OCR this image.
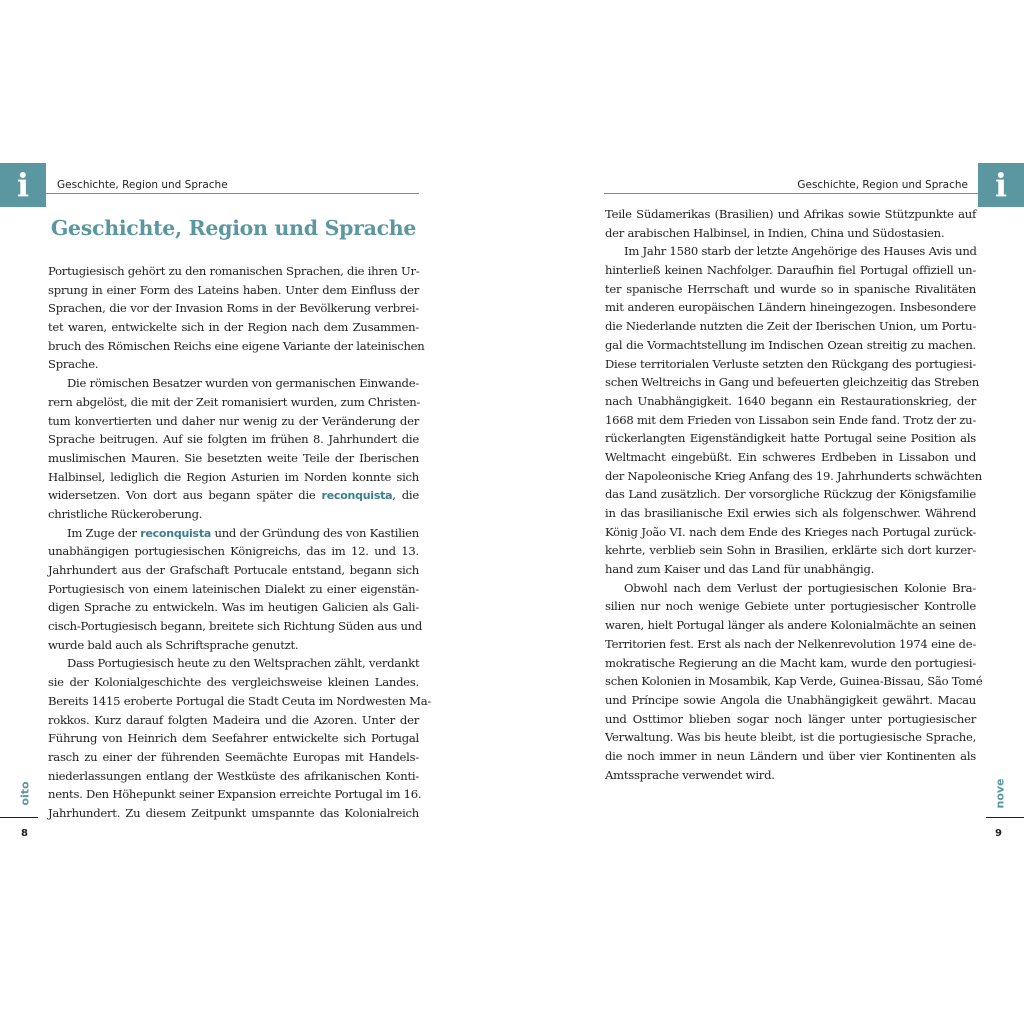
i	Geschichte, Region und Sprache
Geschichte, Region und Sprache
Portugiesisch gehört zu den romanischen Sprachen, die ihren Ur-
sprung in einer Form des Lateins haben. Unter dem Einfluss der
Sprachen, die vor der Invasion Roms in der Bevölkerung verbrei-
tet waren, entwickelte sich in der Region nach dem Zusammen-
bruch des Römischen Reichs eine eigene Variante der lateinischen
Sprache.
Die römischen Besatzer wurden von germanischen Einwande-
rern abgelöst, die mit der Zeit romanisiert wurden, zum Christen-
tum konvertierten und daher nur wenig zu der Veränderung der
Sprache beitrugen. Auf sie folgten im frühen 8. Jahrhundert die
muslimischen Mauren. Sie besetzten weite Teile der Iberischen
Halbinsel, lediglich die Region Asturien im Norden konnte sich
widersetzen. Von dort aus begann später die reconquista, die
christliche Rückeroberung.
Im Zuge der reconquista und der Gründung des von Kastilien
unabhängigen portugiesischen Königreichs, das im 12. und 13.
Jahrhundert aus der Grafschaft Portucale entstand, begann sich
Portugiesisch von einem lateinischen Dialekt zu einer eigenstän-
digen Sprache zu entwickeln. Was im heutigen Galicien als Gali-
cisch-Portugiesisch begann, breitete sich Richtung Süden aus und
wurde bald auch als Schriftsprache genutzt.
Dass Portugiesisch heute zu den Weltsprachen zählt, verdankt
sie der Kolonialgeschichte des vergleichsweise kleinen Landes.
Bereits 1415 eroberte Portugal die Stadt Ceuta im Nordwesten Ma-
rokkos. Kurz darauf folgten Madeira und die Azoren. Unter der
Führung von Heinrich dem Seefahrer entwickelte sich Portugal
rasch zu einer der führenden Seemächte Europas mit Handels-
niederlassungen entlang der Westküste des afrikanischen Konti-
nents. Den Höhepunkt seiner Expansion erreichte Portugal im 16.
Jahrhundert. Zu diesem Zeitpunkt umspannte das Kolonialreich
oito
8
i
Geschichte, Region und Sprache
Teile Südamerikas (Brasilien) und Afrikas sowie Stützpunkte auf
der arabischen Halbinsel, in Indien, China und Südostasien.
Im Jahr 1580 starb der letzte Angehörige des Hauses Avis und
hinterließ keinen Nachfolger. Daraufhin fiel Portugal offiziell un-
ter spanische Herrschaft und wurde so in spanische Rivalitäten
mit anderen europäischen Ländern hineingezogen. Insbesondere
die Niederlande nutzten die Zeit der Iberischen Union, um Portu-
gal die Vormachtstellung im Indischen Ozean streitig zu machen.
Diese territorialen Verluste setzten den Rückgang des portugiesi-
schen Weltreichs in Gang und befeuerten gleichzeitig das Streben
nach Unabhängigkeit. 1640 begann ein Restaurationskrieg, der
1668 mit dem Frieden von Lissabon sein Ende fand. Trotz der zu-
rückerlangten Eigenständigkeit hatte Portugal seine Position als
Weltmacht eingebüßt. Ein schweres Erdbeben in Lissabon und
der Napoleonische Krieg Anfang des 19. Jahrhunderts schwächten
das Land zusätzlich. Der vorsorgliche Rückzug der Königsfamilie
in das brasilianische Exil erwies sich als folgenschwer. Während
König João VI. nach dem Ende des Krieges nach Portugal zurück-
kehrte, verblieb sein Sohn in Brasilien, erklärte sich dort kurzer-
hand zum Kaiser und das Land für unabhängig.
Obwohl nach dem Verlust der portugiesischen Kolonie Bra-
silien nur noch wenige Gebiete unter portugiesischer Kontrolle
waren, hielt Portugal länger als andere Kolonialmächte an seinen
Territorien fest. Erst als nach der Nelkenrevolution 1974 eine de-
mokratische Regierung an die Macht kam, wurde den portugiesi-
schen Kolonien in Mosambik, Kap Verde, Guinea-Bissau, São Tomé
und Príncipe sowie Angola die Unabhängigkeit gewährt. Macau
und Osttimor blieben sogar noch länger unter portugiesischer
Verwaltung. Was bis heute bleibt, ist die portugiesische Sprache,
die noch immer in neun Ländern und über vier Kontinenten als
Amtssprache verwendet wird.
nove
9
